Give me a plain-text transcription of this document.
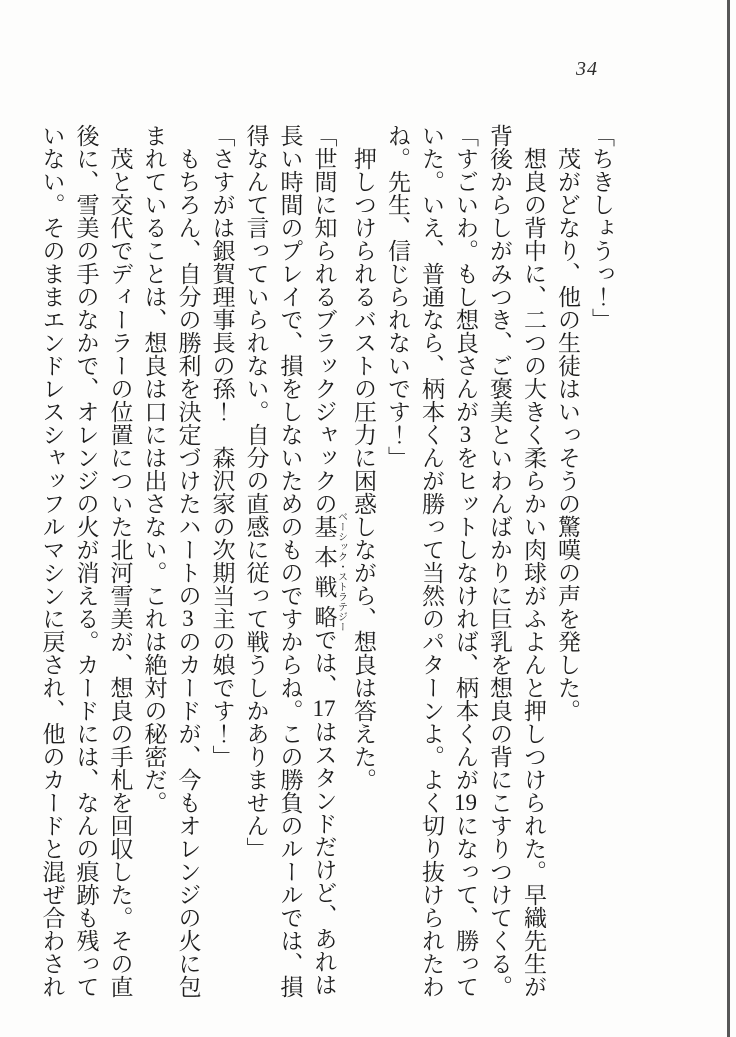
34

「ちきしょうっ！」

茂がどなり、他の生徒はいっそうの驚嘆の声を発した。

想良の背中に、二つの大きく柔らかい肉球がふよんと押しつけられた。早織先生が背後からしがみつき、ご褒美といわんばかりに巨乳を想良の背にこすりつけてくる。

「すごいわ。もし想良さんが3をヒットしなければ、柄本くんが19になって、勝っていた。いえ、普通なら、柄本くんが勝って当然のパターンよ。よく切り抜けられたわね。先生、信じられないです！」

押しつけられるバストの圧力に困惑しながら、想良は答えた。

「世間に知られるブラックジャックの基本戦略 ベーシック・ストラテジーでは、17はスタンドだけど、あれは長い時間のプレイで、損をしないためのものですからね。この勝負のルールでは、損得なんて言っていられない。自分の直感に従って戦うしかありません」

「さすがは銀賀理事長の孫！　森沢家の次期当主の娘です！」

もちろん、自分の勝利を決定づけたハートの3のカードが、今もオレンジの火に包まれていることは、想良は口には出さない。これは絶対の秘密だ。

茂と交代でディーラーの位置についた北河雪美が、想良の手札を回収した。その直後に、雪美の手のなかで、オレンジの火が消える。カードには、なんの痕跡も残っていない。そのままエンドレスシャッフルマシンに戻され、他のカードと混ぜ合わされ
